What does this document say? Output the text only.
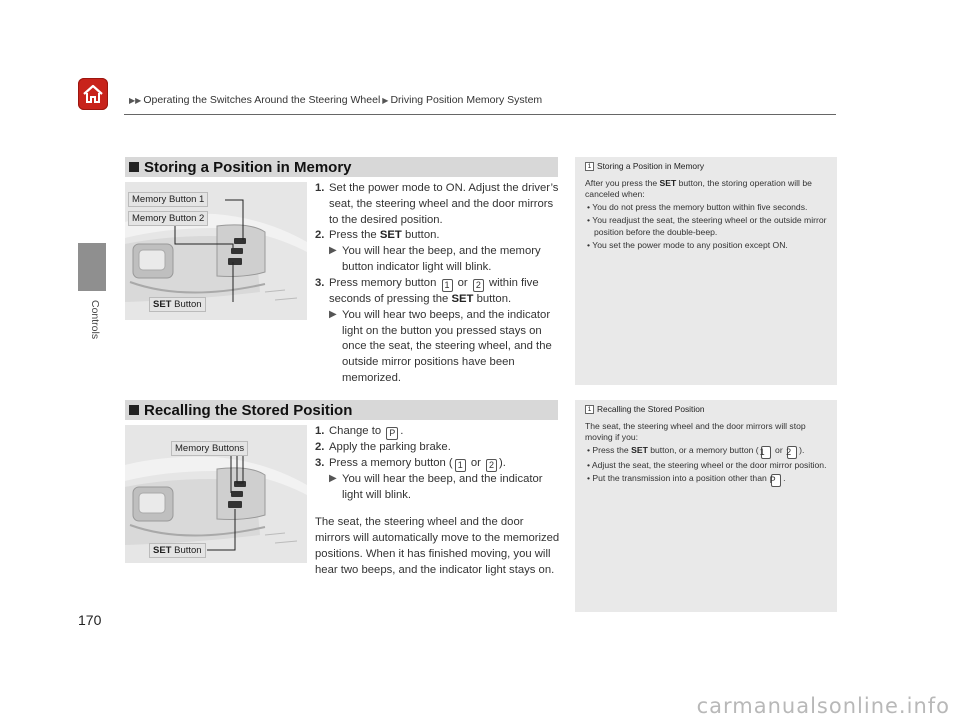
▶▶ Operating the Switches Around the Steering Wheel ▶ Driving Position Memory System
Controls
170
Storing a Position in Memory
Memory Button 1
Memory Button 2
SET Button
1. Set the power mode to ON. Adjust the driver’s seat, the steering wheel and the door mirrors to the desired position.
2. Press the SET button.
▶ You will hear the beep, and the memory button indicator light will blink.
3. Press memory button 1 or 2 within five seconds of pressing the SET button.
▶ You will hear two beeps, and the indicator light on the button you pressed stays on once the seat, the steering wheel, and the outside mirror positions have been memorized.
1 Storing a Position in Memory

After you press the SET button, the storing operation will be canceled when:

• You do not press the memory button within five seconds.

• You readjust the seat, the steering wheel or the outside mirror position before the double-beep.

• You set the power mode to any position except ON.

Recalling the Stored Position
Memory Buttons
SET Button
1. Change to P .
2. Apply the parking brake.
3. Press a memory button ( 1 or 2 ).
▶ You will hear the beep, and the indicator light will blink.
The seat, the steering wheel and the door mirrors will automatically move to the memorized positions. When it has finished moving, you will hear two beeps, and the indicator light stays on.
1 Recalling the Stored Position

The seat, the steering wheel and the door mirrors will stop moving if you:

• Press the SET button, or a memory button (1 or 2 ).

• Adjust the seat, the steering wheel or the door mirror position.

• Put the transmission into a position other than P .

carmanualsonline.info
